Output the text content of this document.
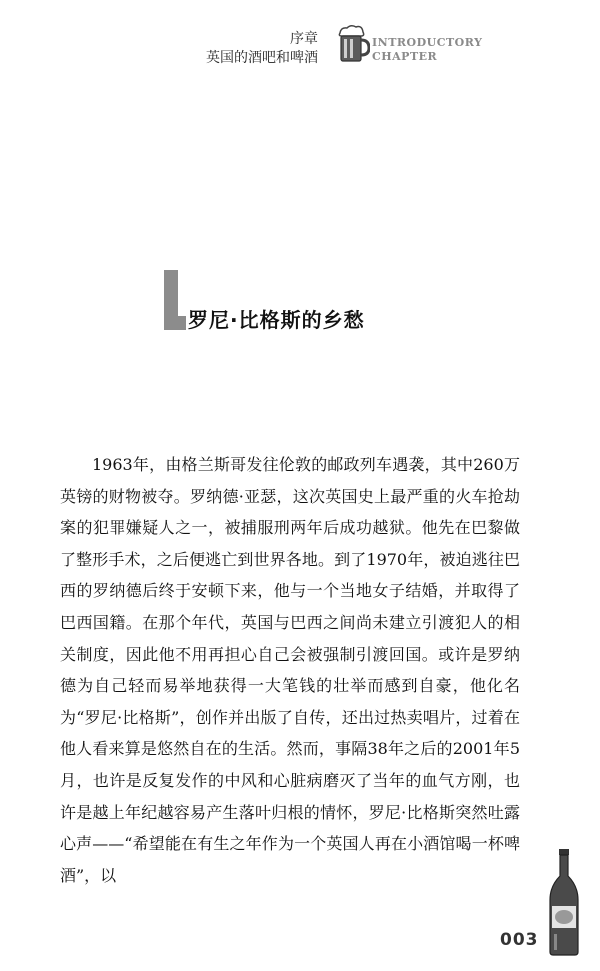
序章
英国的酒吧和啤酒
INTRODUCTORY
CHAPTER
罗尼·比格斯的乡愁
1963年，由格兰斯哥发往伦敦的邮政列车遇袭，其中260万英镑的财物被夺。罗纳德·亚瑟，这次英国史上最严重的火车抢劫案的犯罪嫌疑人之一，被捕服刑两年后成功越狱。他先在巴黎做了整形手术，之后便逃亡到世界各地。到了1970年，被迫逃往巴西的罗纳德后终于安顿下来，他与一个当地女子结婚，并取得了巴西国籍。在那个年代，英国与巴西之间尚未建立引渡犯人的相关制度，因此他不用再担心自己会被强制引渡回国。或许是罗纳德为自己轻而易举地获得一大笔钱的壮举而感到自豪，他化名为“罗尼·比格斯”，创作并出版了自传，还出过热卖唱片，过着在他人看来算是悠然自在的生活。然而，事隔38年之后的2001年5月，也许是反复发作的中风和心脏病磨灭了当年的血气方刚，也许是越上年纪越容易产生落叶归根的情怀，罗尼·比格斯突然吐露心声——“希望能在有生之年作为一个英国人再在小酒馆喝一杯啤酒”，以
003
